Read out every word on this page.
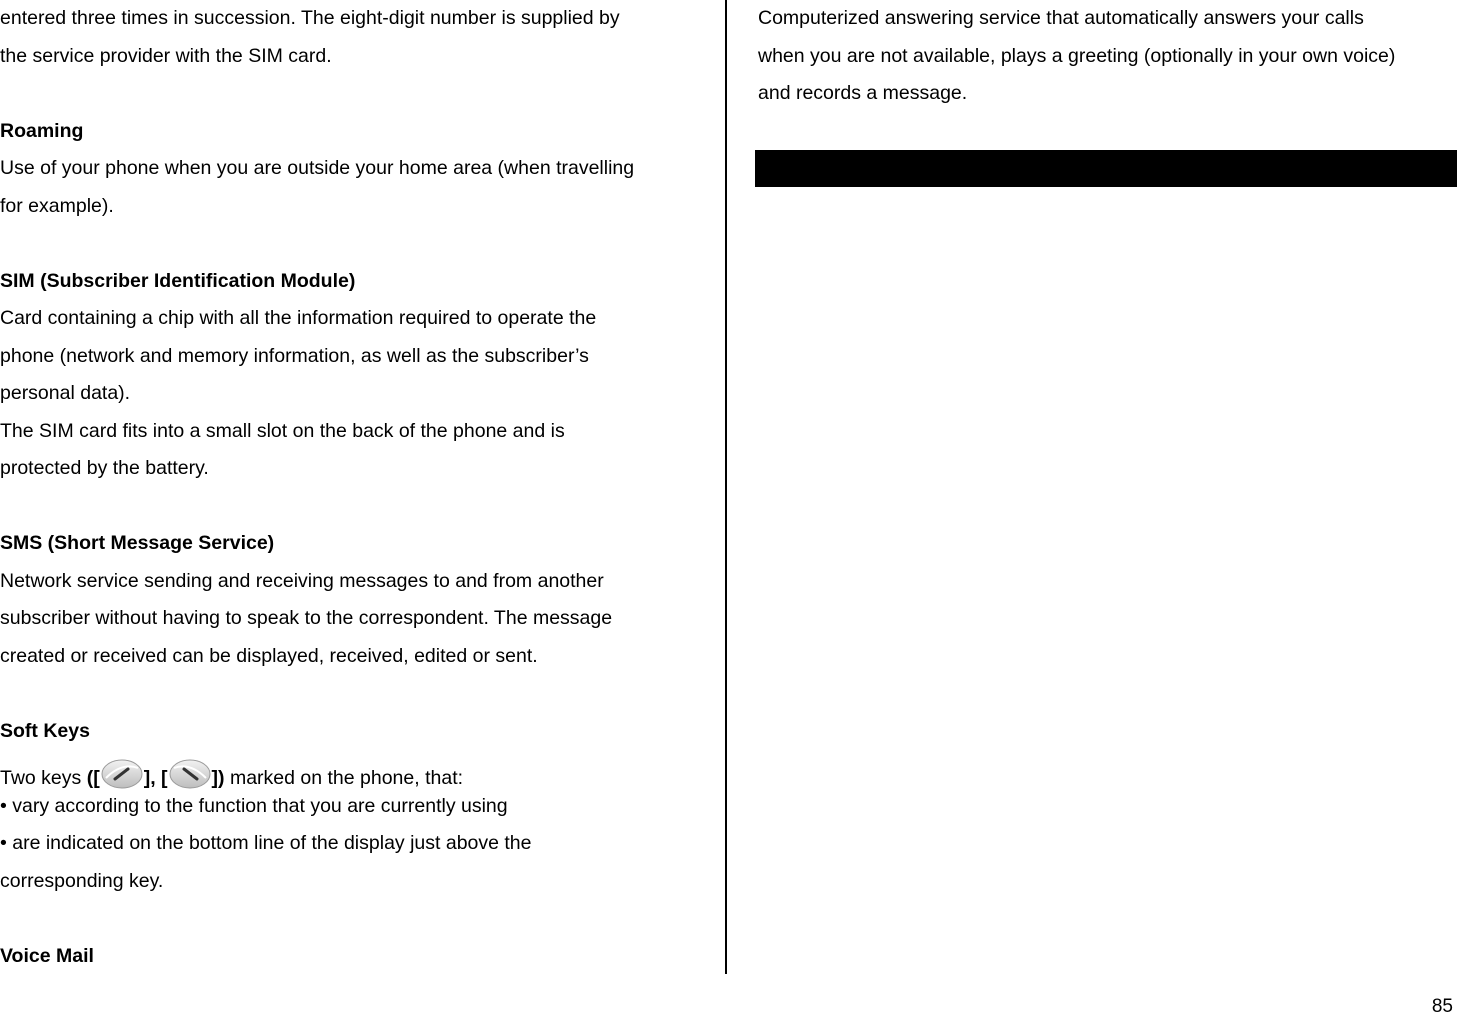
entered three times in succession. The eight-digit number is supplied by
the service provider with the SIM card.
Roaming
Use of your phone when you are outside your home area (when travelling
for example).
SIM (Subscriber Identification Module)
Card containing a chip with all the information required to operate the
phone (network and memory information, as well as the subscriber’s
personal data).
The SIM card fits into a small slot on the back of the phone and is
protected by the battery.
SMS (Short Message Service)
Network service sending and receiving messages to and from another
subscriber without having to speak to the correspondent. The message
created or received can be displayed, received, edited or sent.
Soft Keys
Two keys ([ ], [ ]) marked on the phone, that:
• vary according to the function that you are currently using
• are indicated on the bottom line of the display just above the
corresponding key.
Voice Mail
Computerized answering service that automatically answers your calls
when you are not available, plays a greeting (optionally in your own voice)
and records a message.
85
